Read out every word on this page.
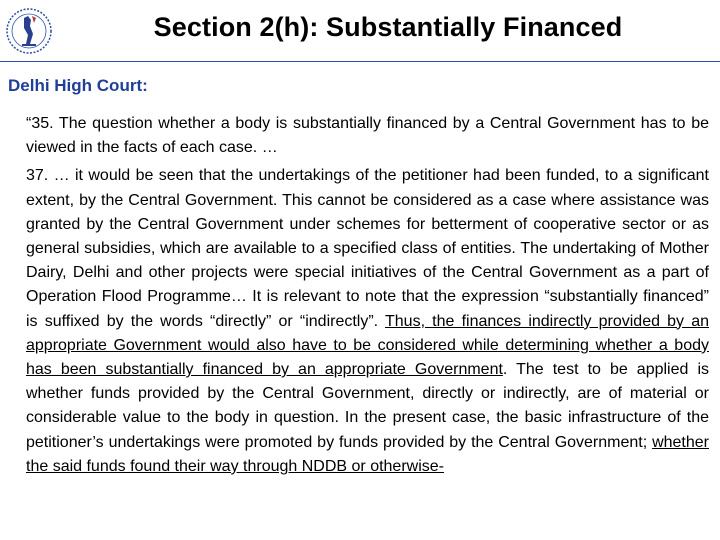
Section 2(h): Substantially Financed
Delhi High Court:

“35. The question whether a body is substantially financed by a Central Government has to be viewed in the facts of each case. …

37. … it would be seen that the undertakings of the petitioner had been funded, to a significant extent, by the Central Government. This cannot be considered as a case where assistance was granted by the Central Government under schemes for betterment of cooperative sector or as general subsidies, which are available to a specified class of entities. The undertaking of Mother Dairy, Delhi and other projects were special initiatives of the Central Government as a part of Operation Flood Programme… It is relevant to note that the expression “substantially financed” is suffixed by the words “directly” or “indirectly”. Thus, the finances indirectly provided by an appropriate Government would also have to be considered while determining whether a body has been substantially financed by an appropriate Government. The test to be applied is whether funds provided by the Central Government, directly or indirectly, are of material or considerable value to the body in question. In the present case, the basic infrastructure of the petitioner’s undertakings were promoted by funds provided by the Central Government; whether the said funds found their way through NDDB or otherwise-
